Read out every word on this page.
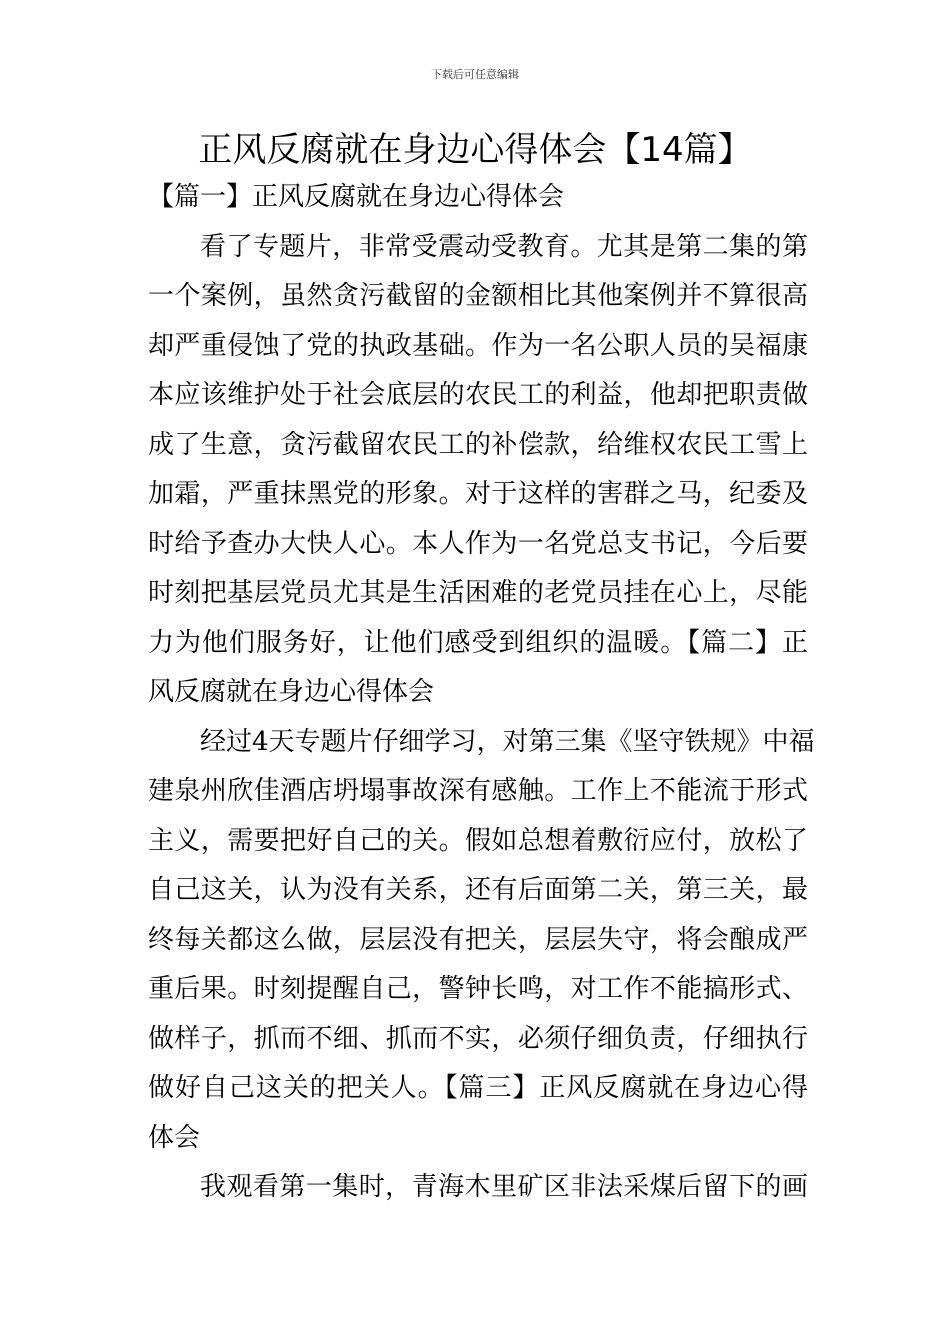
下载后可任意编辑
正风反腐就在身边心得体会【14篇】
【篇一】正风反腐就在身边心得体会
看了专题片，非常受震动受教育。尤其是第二集的第
一个案例，虽然贪污截留的金额相比其他案例并不算很高
却严重侵蚀了党的执政基础。作为一名公职人员的吴福康
本应该维护处于社会底层的农民工的利益，他却把职责做
成了生意，贪污截留农民工的补偿款，给维权农民工雪上
加霜，严重抹黑党的形象。对于这样的害群之马，纪委及
时给予查办大快人心。本人作为一名党总支书记，今后要
时刻把基层党员尤其是生活困难的老党员挂在心上，尽能
力为他们服务好，让他们感受到组织的温暖。【篇二】正
风反腐就在身边心得体会
经过4天专题片仔细学习，对第三集《坚守铁规》中福
建泉州欣佳酒店坍塌事故深有感触。工作上不能流于形式
主义，需要把好自己的关。假如总想着敷衍应付，放松了
自己这关，认为没有关系，还有后面第二关，第三关，最
终每关都这么做，层层没有把关，层层失守，将会酿成严
重后果。时刻提醒自己，警钟长鸣，对工作不能搞形式、
做样子，抓而不细、抓而不实，必须仔细负责，仔细执行
做好自己这关的把关人。【篇三】正风反腐就在身边心得
体会
我观看第一集时，青海木里矿区非法采煤后留下的画
